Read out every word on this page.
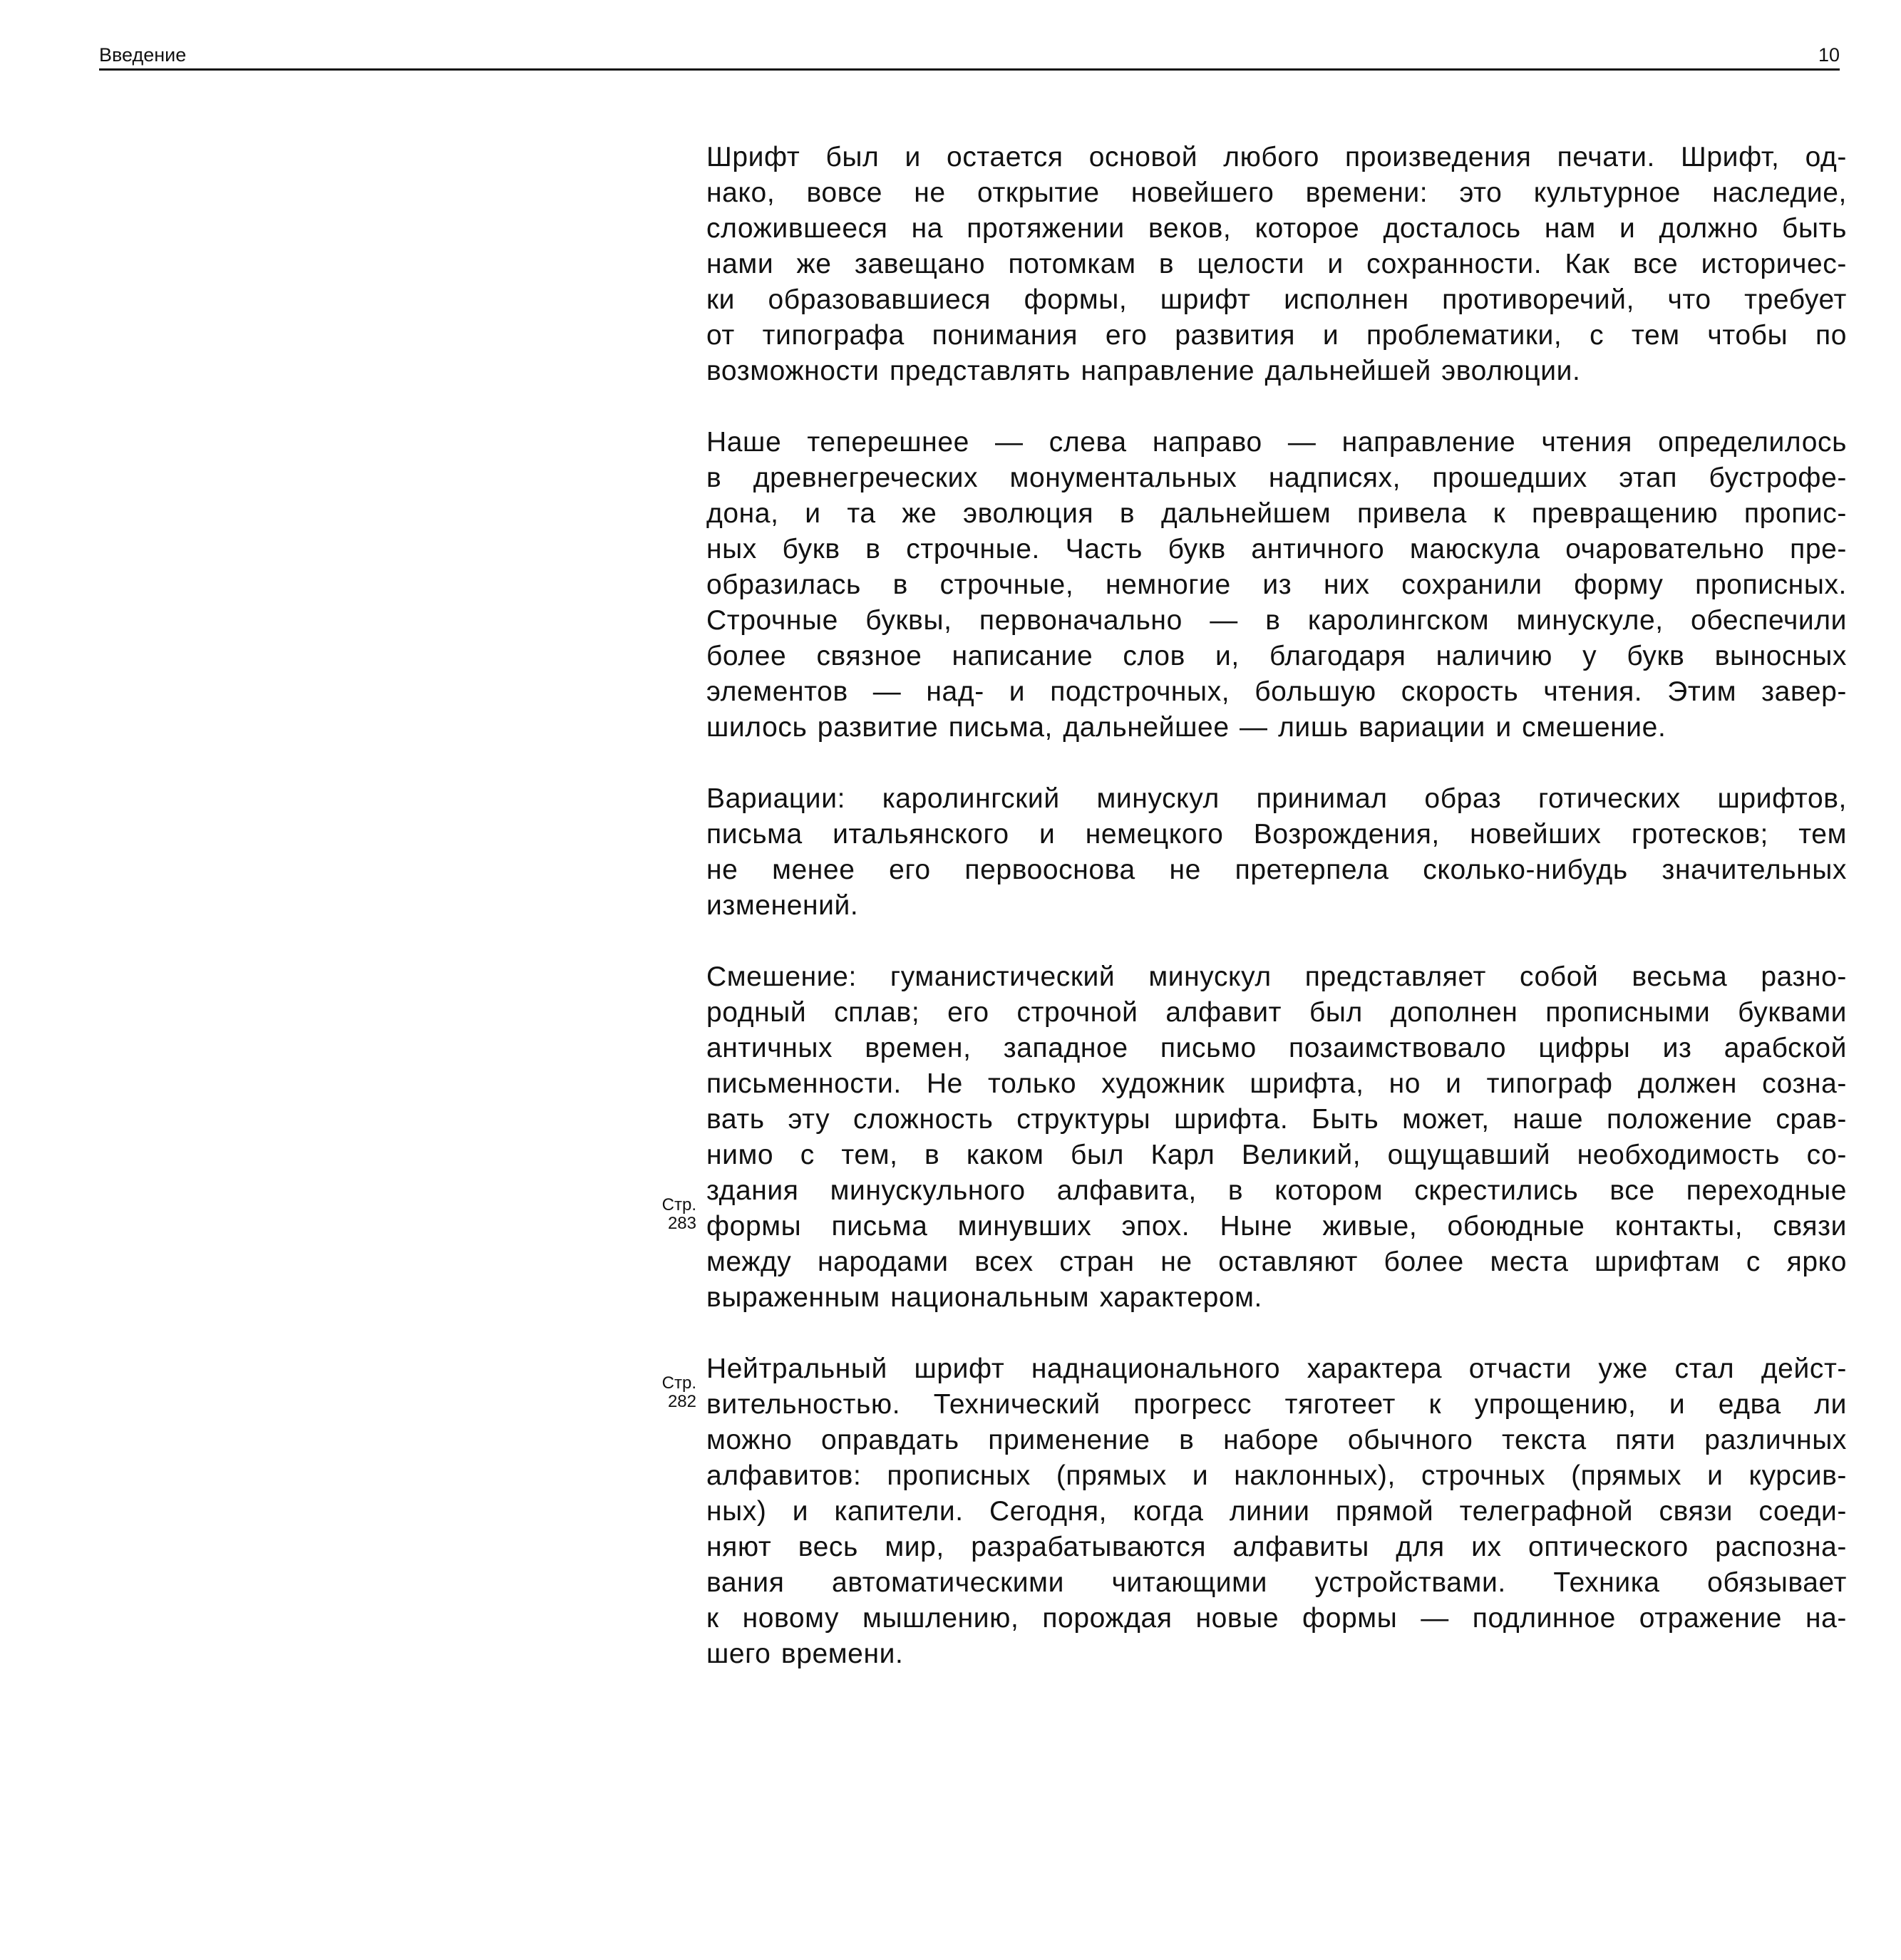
Введение	10

Шрифт был и остается основой любого произведения печати. Шрифт, од-
нако, вовсе не открытие новейшего времени: это культурное наследие,
сложившееся на протяжении веков, которое досталось нам и должно быть
нами же завещано потомкам в целости и сохранности. Как все историчес-
ки образовавшиеся формы, шрифт исполнен противоречий, что требует
от типографа понимания его развития и проблематики, с тем чтобы по
возможности представлять направление дальнейшей эволюции.

Наше теперешнее — слева направо — направление чтения определилось
в древнегреческих монументальных надписях, прошедших этап бустрофе-
дона, и та же эволюция в дальнейшем привела к превращению пропис-
ных букв в строчные. Часть букв античного маюскула очаровательно пре-
образилась в строчные, немногие из них сохранили форму прописных.
Строчные буквы, первоначально — в каролингском минускуле, обеспечили
более связное написание слов и, благодаря наличию у букв выносных
элементов — над- и подстрочных, большую скорость чтения. Этим завер-
шилось развитие письма, дальнейшее — лишь вариации и смешение.

Вариации: каролингский минускул принимал образ готических шрифтов,
письма итальянского и немецкого Возрождения, новейших гротесков; тем
не менее его первооснова не претерпела сколько-нибудь значительных
изменений.

Смешение: гуманистический минускул представляет собой весьма разно-
родный сплав; его строчной алфавит был дополнен прописными буквами
античных времен, западное письмо позаимствовало цифры из арабской
письменности. Не только художник шрифта, но и типограф должен созна-
вать эту сложность структуры шрифта. Быть может, наше положение срав-
нимо с тем, в каком был Карл Великий, ощущавший необходимость со-
здания минускульного алфавита, в котором скрестились все переходные
формы письма минувших эпох. Ныне живые, обоюдные контакты, связи
между народами всех стран не оставляют более места шрифтам с ярко
выраженным национальным характером.

Нейтральный шрифт наднационального характера отчасти уже стал дейст-
вительностью. Технический прогресс тяготеет к упрощению, и едва ли
можно оправдать применение в наборе обычного текста пяти различных
алфавитов: прописных (прямых и наклонных), строчных (прямых и курсив-
ных) и капители. Сегодня, когда линии прямой телеграфной связи соеди-
няют весь мир, разрабатываются алфавиты для их оптического распозна-
вания автоматическими читающими устройствами. Техника обязывает
к новому мышлению, порождая новые формы — подлинное отражение на-
шего времени.

Стр.
283
Стр.
282
